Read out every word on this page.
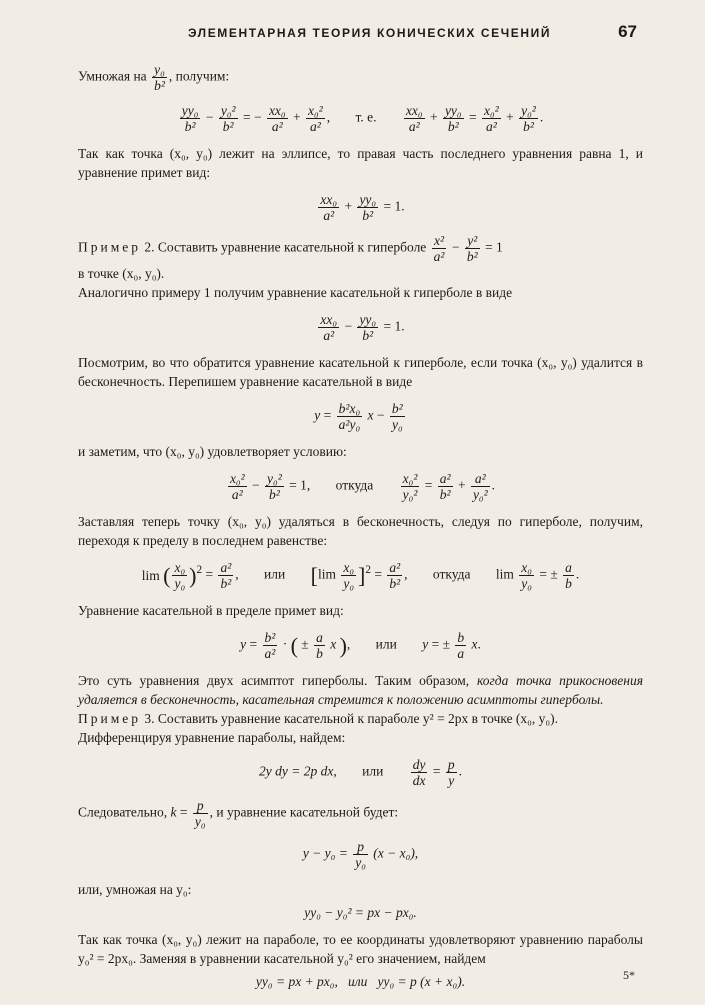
ЭЛЕМЕНТАРНАЯ ТЕОРИЯ КОНИЧЕСКИХ СЕЧЕНИЙ	67

Умножая на $\frac{\text{y₀}}{\text{b²}}$ , получим:

$\frac{\text{yy₀}}{\text{b²}} - \frac{\text{y₀²}}{\text{b²}}$ = − $\frac{\text{xx₀}}{\text{a²}} + \frac{\text{x₀²}}{\text{a²}}$ , т. е. $\frac{\text{xx₀}}{\text{a²}} + \frac{\text{yy₀}}{\text{b²}} = \frac{\text{x₀²}}{\text{a²}} + \frac{\text{y₀²}}{\text{b²}}$ .

Так как точка (x₀, y₀) лежит на эллипсе, то правая часть последнего уравнения равна 1, и уравнение примет вид:

$\frac{\text{xx₀}}{\text{a²}} + \frac{\text{yy₀}}{\text{b²}} = 1$.

Пример 2. Составить уравнение касательной к гиперболе $\frac{\text{x²}}{\text{a²}} - \frac{\text{y²}}{\text{b²}} = 1$
в точке (x₀, y₀).

Аналогично примеру 1 получим уравнение касательной к гиперболе в виде

$\frac{\text{xx₀}}{\text{a²}} - \frac{\text{yy₀}}{\text{b²}} = 1$.

Посмотрим, во что обратится уравнение касательной к гиперболе, если точка (x₀, y₀) удалится в бесконечность. Перепишем уравнение касательной в виде

$y = \frac{\text{b²x₀}}{\text{a²y₀}}$ $x - \frac{\text{b²}}{\text{y₀}}$

и заметим, что (x₀, y₀) удовлетворяет условию:

$\frac{\text{x₀²}}{\text{a²}} - \frac{\text{y₀²}}{\text{b²}} = 1$, откуда $\frac{\text{x₀²}}{\text{y₀²}} = \frac{\text{a²}}{\text{b²}} + \frac{\text{a²}}{\text{y₀²}}$ .

Заставляя теперь точку (x₀, y₀) удаляться в бесконечность, следуя по гиперболе, получим, переходя к пределу в последнем равенстве:

lim ( $\frac{\text{x₀}}{\text{y₀}} )^2 = \frac{\text{a²}}{\text{b²}}$ , или $[\lim \frac{\text{x₀}}{\text{y₀}} ]^2 = \frac{\text{a²}}{\text{b²}}$ , откуда $\lim \frac{\text{x₀}}{\text{y₀}}$ = ± $\frac{a}{b}$ .

Уравнение касательной в пределе примет вид:

$y = \frac{\text{b²}}{\text{a²}}$ · ( ± $\frac{a}{b}$ x ), или y = ± $\frac{b}{a} x$.

Это суть уравнения двух асимптот гиперболы. Таким образом, когда точка прикосновения удаляется в бесконечность, касательная стремится к положению асимптоты гиперболы.

Пример 3. Составить уравнение касательной к параболе y² = 2px в точке (x₀, y₀).

Дифференцируя уравнение параболы, найдем:

2y dy = 2p dx, или $\frac{dy}{dx} = \frac{p}{y}$ .

Следовательно, $k = \frac{p}{\text{y₀}}$ , и уравнение касательной будет:

$y - y_0 = \frac{p}{\text{y₀}} (x - x_0)$,

или, умножая на y₀:

yy₀ − y₀² = px − px₀.

Так как точка (x₀, y₀) лежит на параболе, то ее координаты удовлетворяют уравнению параболы y₀² = 2px₀. Заменяя в уравнении касательной y₀² его значением, найдем

yy₀ = px + px₀,   или   yy₀ = p (x + x₀).	5*
